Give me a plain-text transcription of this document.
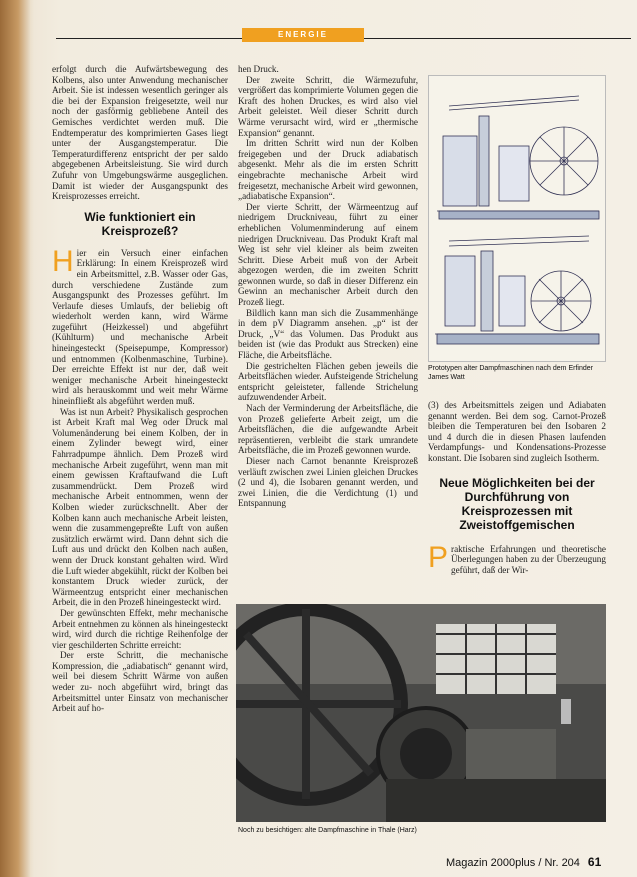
ENERGIE

erfolgt durch die Aufwärtsbewegung des Kolbens, also unter Anwendung mechanischer Arbeit. Sie ist indessen wesentlich geringer als die bei der Expansion freigesetzte, weil nur noch der gasförmig gebliebene Anteil des Gemisches verdichtet werden muß. Die Endtemperatur des komprimierten Gases liegt unter der Ausgangstemperatur. Die Temperaturdifferenz entspricht der per saldo abgegebenen Arbeitsleistung. Sie wird durch Zufuhr von Umgebungswärme ausgeglichen. Damit ist wieder der Ausgangspunkt des Kreisprozesses erreicht.

Wie funktioniert ein Kreisprozeß?

Hier ein Versuch einer einfachen Erklärung: In einem Kreisprozeß wird ein Arbeitsmittel, z.B. Wasser oder Gas, durch verschiedene Zustände zum Ausgangspunkt des Prozesses geführt. Im Verlaufe dieses Umlaufs, der beliebig oft wiederholt werden kann, wird Wärme zugeführt (Heizkessel) und abgeführt (Kühlturm) und mechanische Arbeit hineingesteckt (Speisepumpe, Kompressor) und entnommen (Kolbenmaschine, Turbine). Der erreichte Effekt ist nur der, daß weit weniger mechanische Arbeit hineingesteckt wird als herauskommt und weit mehr Wärme hineinfließt als abgeführt werden muß.

Was ist nun Arbeit? Physikalisch gesprochen ist Arbeit Kraft mal Weg oder Druck mal Volumenänderung bei einem Kolben, der in einem Zylinder bewegt wird, einer Fahrradpumpe ähnlich. Dem Prozeß wird mechanische Arbeit zugeführt, wenn man mit einem gewissen Kraftaufwand die Luft zusammendrückt. Dem Prozeß wird mechanische Arbeit entnommen, wenn der Kolben wieder zurückschnellt. Aber der Kolben kann auch mechanische Arbeit leisten, wenn die zusammengepreßte Luft von außen zusätzlich erwärmt wird. Dann dehnt sich die Luft aus und drückt den Kolben nach außen, wenn der Druck konstant gehalten wird. Wird die Luft wieder abgekühlt, rückt der Kolben bei konstantem Druck wieder zurück, der Wärmeentzug entspricht einer mechanischen Arbeit, die in den Prozeß hineingesteckt wird.

Der gewünschten Effekt, mehr mechanische Arbeit entnehmen zu können als hineingesteckt wird, wird durch die richtige Reihenfolge der vier geschilderten Schritte erreicht:

Der erste Schritt, die mechanische Kompression, die „adiabatisch“ genannt wird, weil bei diesem Schritt Wärme von außen weder zu- noch abgeführt wird, bringt das Arbeitsmittel unter Einsatz von mechanischer Arbeit auf ho-

hen Druck.

Der zweite Schritt, die Wärmezufuhr, vergrößert das komprimierte Volumen gegen die Kraft des hohen Druckes, es wird also viel Arbeit geleistet. Weil dieser Schritt durch Wärme verursacht wird, wird er „thermische Expansion“ genannt.

Im dritten Schritt wird nun der Kolben freigegeben und der Druck adiabatisch abgesenkt. Mehr als die im ersten Schritt eingebrachte mechanische Arbeit wird freigesetzt, mechanische Arbeit wird gewonnen, „adiabatische Expansion“.

Der vierte Schritt, der Wärmeentzug auf niedrigem Druckniveau, führt zu einer erheblichen Volumenminderung auf einem niedrigen Druckniveau. Das Produkt Kraft mal Weg ist sehr viel kleiner als beim zweiten Schritt. Diese Arbeit muß von der Arbeit abgezogen werden, die im zweiten Schritt gewonnen wurde, so daß in dieser Differenz ein Gewinn an mechanischer Arbeit durch den Prozeß liegt.

Bildlich kann man sich die Zusammenhänge in dem pV Diagramm ansehen. „p“ ist der Druck, „V“ das Volumen. Das Produkt aus beiden ist (wie das Produkt aus Strecken) eine Fläche, die Arbeitsfläche.

Die gestrichelten Flächen geben jeweils die Arbeitsflächen wieder. Aufsteigende Strichelung entspricht geleisteter, fallende Strichelung aufzuwendender Arbeit.

Nach der Verminderung der Arbeitsfläche, die von Prozeß gelieferte Arbeit zeigt, um die Arbeitsflächen, die die aufgewandte Arbeit repräsentieren, verbleibt die stark umrandete Arbeitsfläche, die im Prozeß gewonnen wurde.

Dieser nach Carnot benannte Kreisprozeß verläuft zwischen zwei Linien gleichen Druckes (2 und 4), die Isobaren genannt werden, und zwei Linien, die die Verdichtung (1) und Entspannung

Prototypen alter Dampfmaschinen nach dem Erfinder James Watt

(3) des Arbeitsmittels zeigen und Adiabaten genannt werden. Bei dem sog. Carnot-Prozeß bleiben die Temperaturen bei den Isobaren 2 und 4 durch die in diesen Phasen laufenden Verdampfungs- und Kondensations-Prozesse konstant. Die Isobaren sind zugleich Isotherm.

Neue Möglichkeiten bei der Durchführung von Kreisprozessen mit Zweistoffgemischen

Praktische Erfahrungen und theoretische Überlegungen haben zu der Überzeugung geführt, daß der Wir-

Noch zu besichtigen: alte Dampfmaschine in Thale (Harz)
Magazin 2000plus / Nr. 204 61
